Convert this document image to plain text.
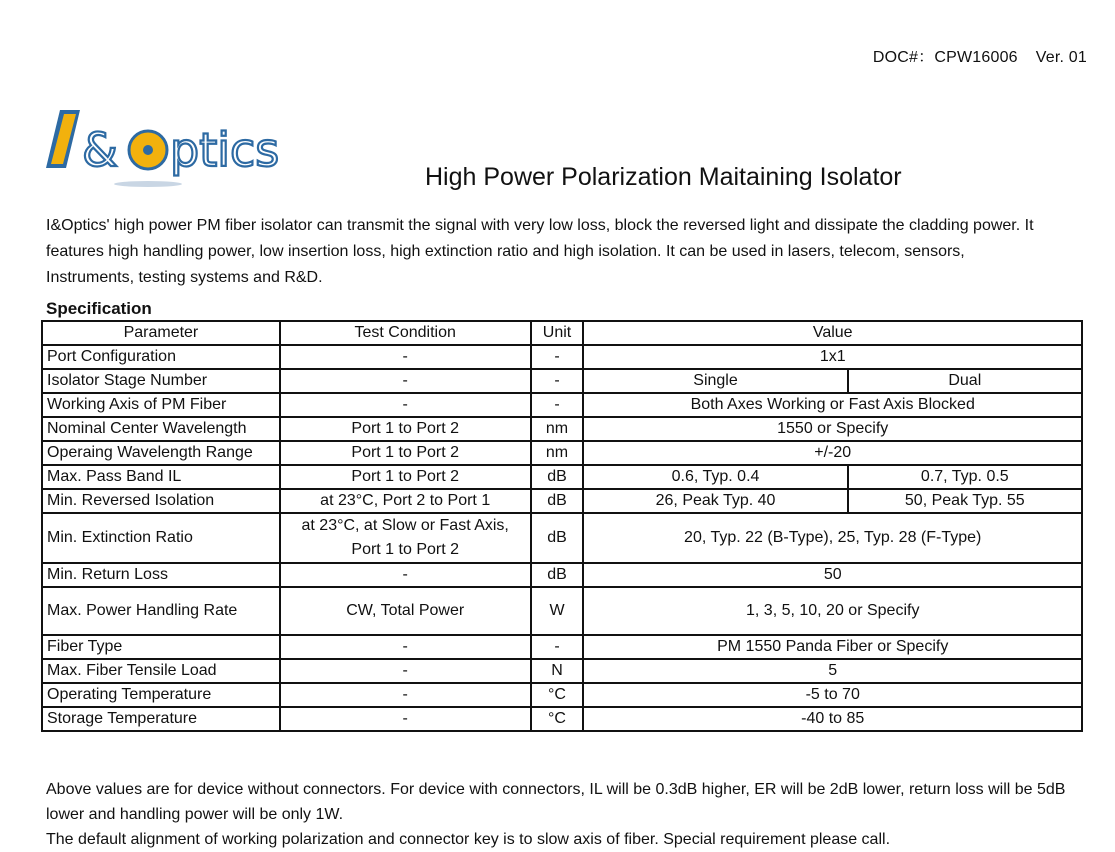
DOC#：CPW16006 Ver. 01
& ptics	High Power Polarization Maitaining Isolator

I&Optics' high power PM fiber isolator can transmit the signal with very low loss, block the reversed light and dissipate the cladding power. It features high handling power, low insertion loss, high extinction ratio and high isolation. It can be used in lasers, telecom, sensors, Instruments, testing systems and R&D.

Specification
Parameter	Test Condition	Unit	Value	
Port Configuration	-	-	1x1	
Isolator Stage Number	-	-	Single	Dual
Working Axis of PM Fiber	-	-	Both Axes Working or Fast Axis Blocked	
Nominal Center Wavelength	Port 1 to Port 2	nm	1550 or Specify	
Operaing Wavelength Range	Port 1 to Port 2	nm	+/-20	
Max. Pass Band IL	Port 1 to Port 2	dB	0.6, Typ. 0.4	0.7, Typ. 0.5
Min. Reversed Isolation	at 23°C, Port 2 to Port 1	dB	26, Peak Typ. 40	50, Peak Typ. 55
Min. Extinction Ratio	at 23°C, at Slow or Fast Axis,
Port 1 to Port 2	dB	20, Typ. 22 (B-Type), 25, Typ. 28 (F-Type)	
Min. Return Loss	-	dB	50	
Max. Power Handling Rate	CW, Total Power	W	1, 3, 5, 10, 20 or Specify	
Fiber Type	-	-	PM 1550 Panda Fiber or Specify	
Max. Fiber Tensile Load	-	N	5	
Operating Temperature	-	°C	-5 to 70	
Storage Temperature	-	°C	-40 to 85	

Above values are for device without connectors. For device with connectors, IL will be 0.3dB higher, ER will be 2dB lower, return loss will be 5dB lower and handling power will be only 1W.

The default alignment of working polarization and connector key is to slow axis of fiber. Special requirement please call.
